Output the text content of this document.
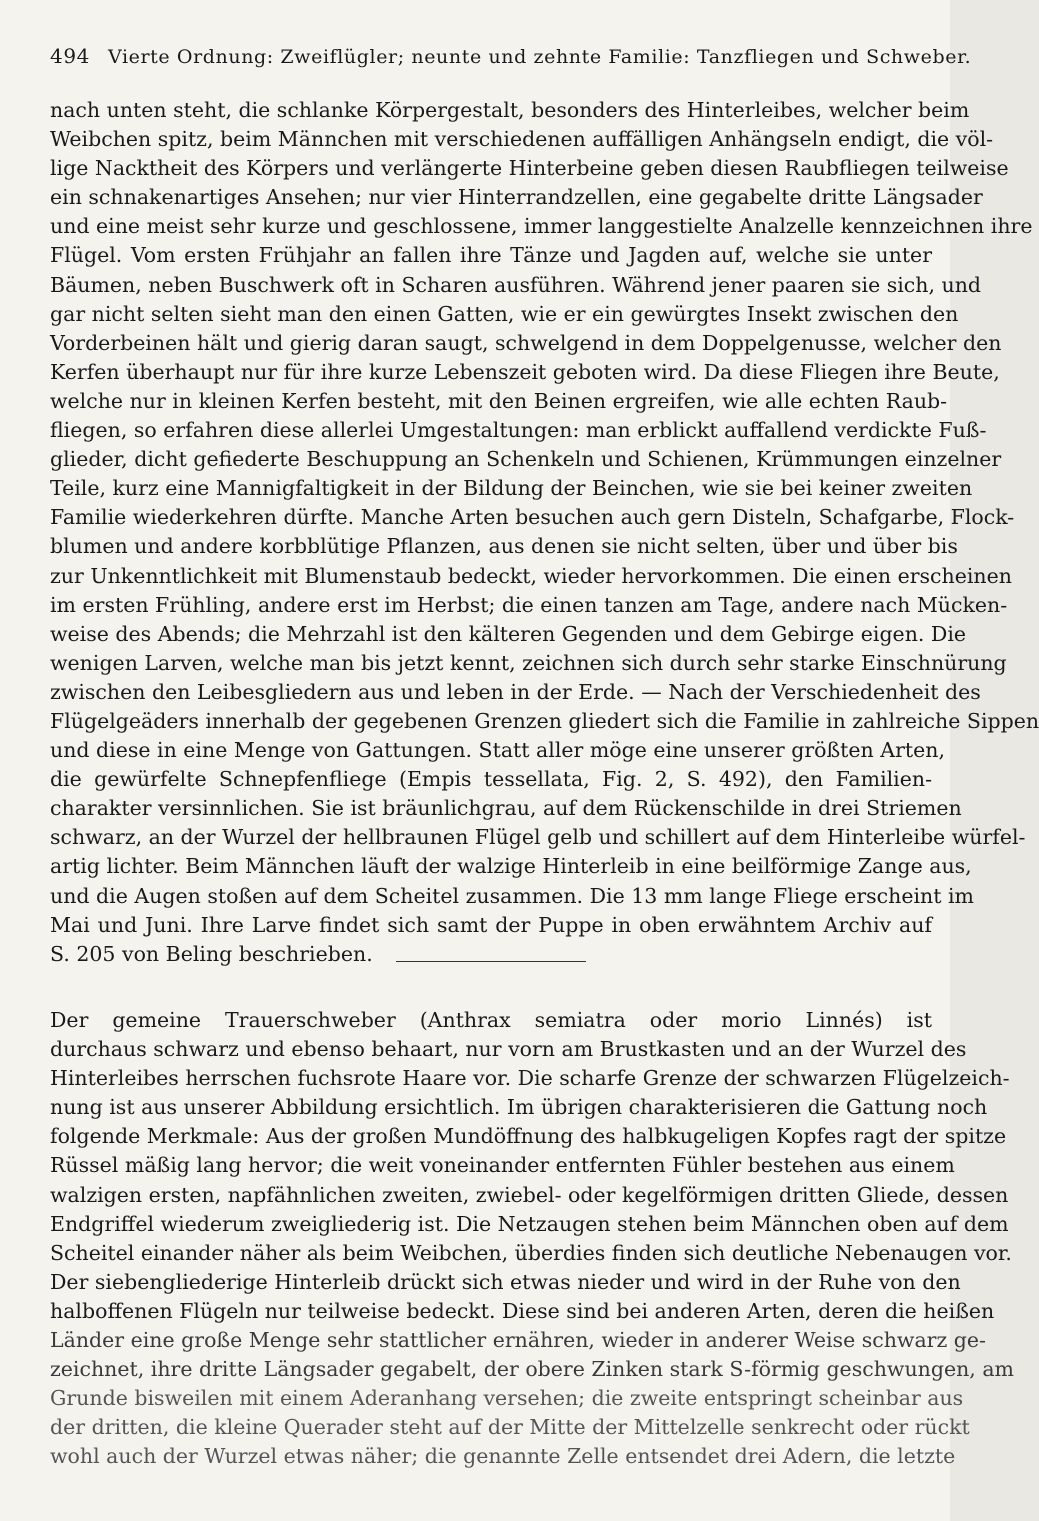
494 Vierte Ordnung: Zweiflügler; neunte und zehnte Familie: Tanzfliegen und Schweber.
nach unten steht, die schlanke Körpergestalt, besonders des Hinterleibes, welcher beim
Weibchen spitz, beim Männchen mit verschiedenen auffälligen Anhängseln endigt, die völ-
lige Nacktheit des Körpers und verlängerte Hinterbeine geben diesen Raubfliegen teilweise
ein schnakenartiges Ansehen; nur vier Hinterrandzellen, eine gegabelte dritte Längsader
und eine meist sehr kurze und geschlossene, immer langgestielte Analzelle kennzeichnen ihre
Flügel. Vom ersten Frühjahr an fallen ihre Tänze und Jagden auf, welche sie unter
Bäumen, neben Buschwerk oft in Scharen ausführen. Während jener paaren sie sich, und
gar nicht selten sieht man den einen Gatten, wie er ein gewürgtes Insekt zwischen den
Vorderbeinen hält und gierig daran saugt, schwelgend in dem Doppelgenusse, welcher den
Kerfen überhaupt nur für ihre kurze Lebenszeit geboten wird. Da diese Fliegen ihre Beute,
welche nur in kleinen Kerfen besteht, mit den Beinen ergreifen, wie alle echten Raub-
fliegen, so erfahren diese allerlei Umgestaltungen: man erblickt auffallend verdickte Fuß-
glieder, dicht gefiederte Beschuppung an Schenkeln und Schienen, Krümmungen einzelner
Teile, kurz eine Mannigfaltigkeit in der Bildung der Beinchen, wie sie bei keiner zweiten
Familie wiederkehren dürfte. Manche Arten besuchen auch gern Disteln, Schafgarbe, Flock-
blumen und andere korbblütige Pflanzen, aus denen sie nicht selten, über und über bis
zur Unkenntlichkeit mit Blumenstaub bedeckt, wieder hervorkommen. Die einen erscheinen
im ersten Frühling, andere erst im Herbst; die einen tanzen am Tage, andere nach Mücken-
weise des Abends; die Mehrzahl ist den kälteren Gegenden und dem Gebirge eigen. Die
wenigen Larven, welche man bis jetzt kennt, zeichnen sich durch sehr starke Einschnürung
zwischen den Leibesgliedern aus und leben in der Erde. — Nach der Verschiedenheit des
Flügelgeäders innerhalb der gegebenen Grenzen gliedert sich die Familie in zahlreiche Sippen
und diese in eine Menge von Gattungen. Statt aller möge eine unserer größten Arten,
die gewürfelte Schnepfenfliege (Empis tessellata, Fig. 2, S. 492), den Familien-
charakter versinnlichen. Sie ist bräunlichgrau, auf dem Rückenschilde in drei Striemen
schwarz, an der Wurzel der hellbraunen Flügel gelb und schillert auf dem Hinterleibe würfel-
artig lichter. Beim Männchen läuft der walzige Hinterleib in eine beilförmige Zange aus,
und die Augen stoßen auf dem Scheitel zusammen. Die 13 mm lange Fliege erscheint im
Mai und Juni. Ihre Larve findet sich samt der Puppe in oben erwähntem Archiv auf
S. 205 von Beling beschrieben.
Der gemeine Trauerschweber (Anthrax semiatra oder morio Linnés) ist
durchaus schwarz und ebenso behaart, nur vorn am Brustkasten und an der Wurzel des
Hinterleibes herrschen fuchsrote Haare vor. Die scharfe Grenze der schwarzen Flügelzeich-
nung ist aus unserer Abbildung ersichtlich. Im übrigen charakterisieren die Gattung noch
folgende Merkmale: Aus der großen Mundöffnung des halbkugeligen Kopfes ragt der spitze
Rüssel mäßig lang hervor; die weit voneinander entfernten Fühler bestehen aus einem
walzigen ersten, napfähnlichen zweiten, zwiebel- oder kegelförmigen dritten Gliede, dessen
Endgriffel wiederum zweigliederig ist. Die Netzaugen stehen beim Männchen oben auf dem
Scheitel einander näher als beim Weibchen, überdies finden sich deutliche Nebenaugen vor.
Der siebengliederige Hinterleib drückt sich etwas nieder und wird in der Ruhe von den
halboffenen Flügeln nur teilweise bedeckt. Diese sind bei anderen Arten, deren die heißen
Länder eine große Menge sehr stattlicher ernähren, wieder in anderer Weise schwarz ge-
zeichnet, ihre dritte Längsader gegabelt, der obere Zinken stark S-förmig geschwungen, am
Grunde bisweilen mit einem Aderanhang versehen; die zweite entspringt scheinbar aus
der dritten, die kleine Querader steht auf der Mitte der Mittelzelle senkrecht oder rückt
wohl auch der Wurzel etwas näher; die genannte Zelle entsendet drei Adern, die letzte
